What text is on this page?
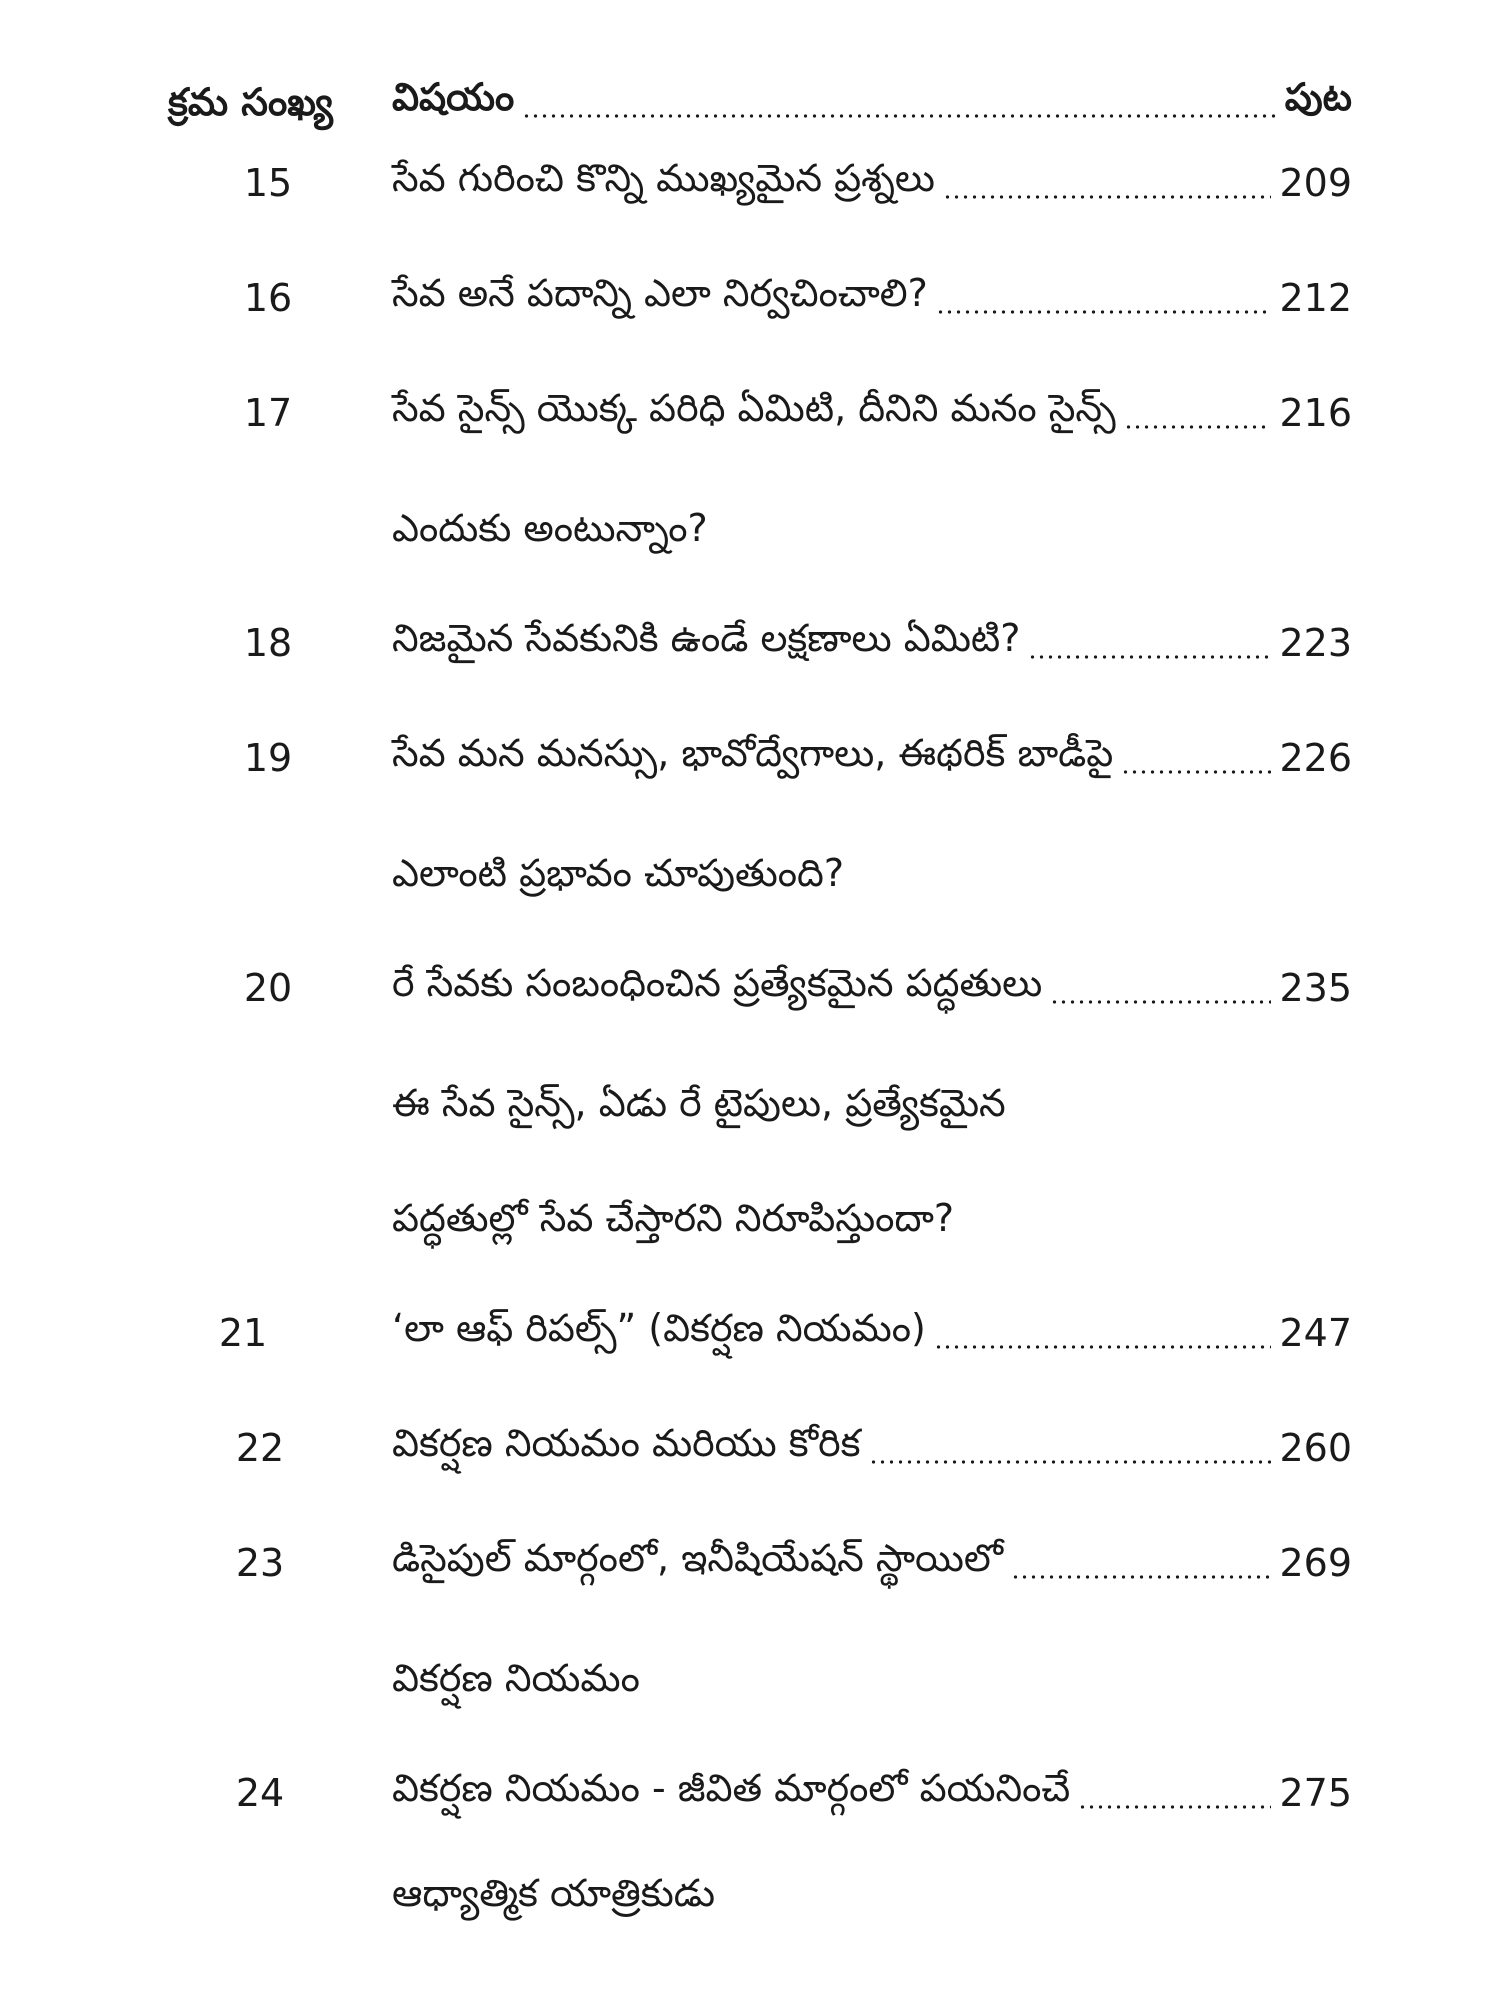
క్రమ సంఖ్య	విషయం	పుట
15	సేవ గురించి కొన్ని ముఖ్యమైన ప్రశ్నలు	209
16	సేవ అనే పదాన్ని ఎలా నిర్వచించాలి?	212
17	సేవ సైన్స్ యొక్క పరిధి ఏమిటి, దీనిని మనం సైన్స్	216
ఎందుకు అంటున్నాం?
18	నిజమైన సేవకునికి ఉండే లక్షణాలు ఏమిటి?	223
19	సేవ మన మనస్సు, భావోద్వేగాలు, ఈథరిక్ బాడీపై	226
ఎలాంటి ప్రభావం చూపుతుంది?
20	రే సేవకు సంబంధించిన ప్రత్యేకమైన పద్ధతులు	235
ఈ సేవ సైన్స్, ఏడు రే టైపులు, ప్రత్యేకమైన
పద్ధతుల్లో సేవ చేస్తారని నిరూపిస్తుందా?
21	‘లా ఆఫ్ రిపల్స్” (వికర్షణ నియమం)	247
22	వికర్షణ నియమం మరియు కోరిక	260
23	డిసైపుల్ మార్గంలో, ఇనీషియేషన్ స్థాయిలో	269
వికర్షణ నియమం
24	వికర్షణ నియమం - జీవిత మార్గంలో పయనించే	275
ఆధ్యాత్మిక యాత్రికుడు
